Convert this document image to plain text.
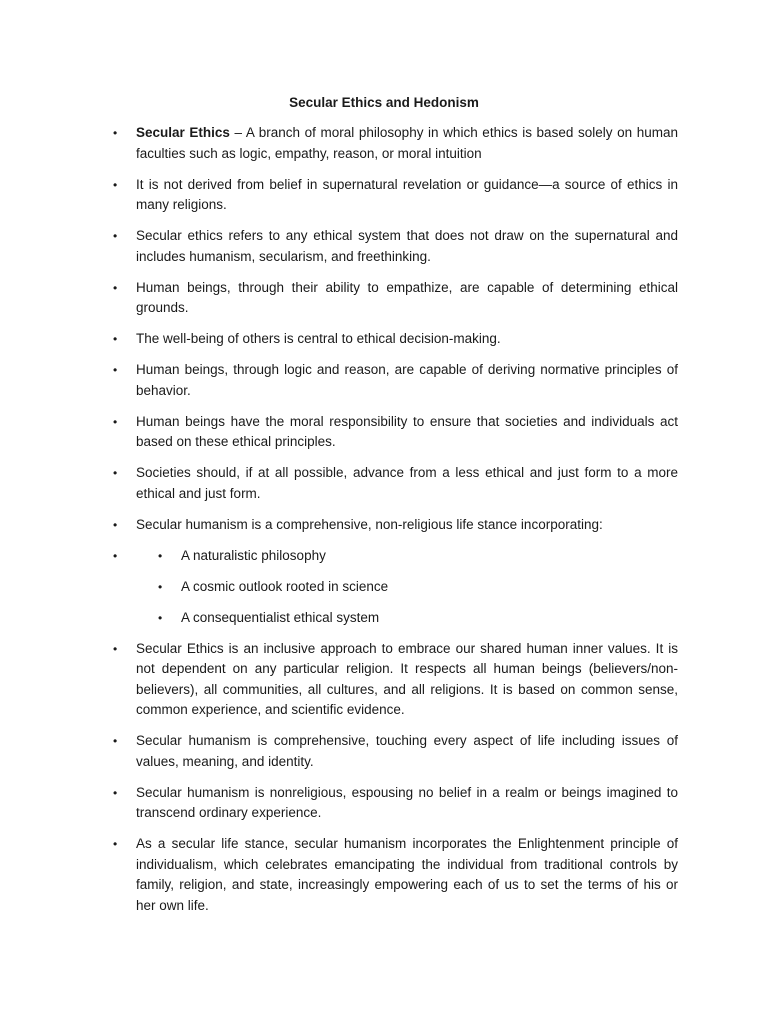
Secular Ethics and Hedonism
•	Secular Ethics – A branch of moral philosophy in which ethics is based solely on human faculties such as logic, empathy, reason, or moral intuition
•	It is not derived from belief in supernatural revelation or guidance—a source of ethics in many religions.
•	Secular ethics refers to any ethical system that does not draw on the supernatural and includes humanism, secularism, and freethinking.
•	Human beings, through their ability to empathize, are capable of determining ethical grounds.
•	The well-being of others is central to ethical decision-making.
•	Human beings, through logic and reason, are capable of deriving normative principles of behavior.
•	Human beings have the moral responsibility to ensure that societies and individuals act based on these ethical principles.
•	Societies should, if at all possible, advance from a less ethical and just form to a more ethical and just form.
•	Secular humanism is a comprehensive, non-religious life stance incorporating:
•	•	A naturalistic philosophy
•	A cosmic outlook rooted in science
•	A consequentialist ethical system
•	Secular Ethics is an inclusive approach to embrace our shared human inner values. It is not dependent on any particular religion. It respects all human beings (believers/non-believers), all communities, all cultures, and all religions. It is based on common sense, common experience, and scientific evidence.
•	Secular humanism is comprehensive, touching every aspect of life including issues of values, meaning, and identity.
•	Secular humanism is nonreligious, espousing no belief in a realm or beings imagined to transcend ordinary experience.
•	As a secular life stance, secular humanism incorporates the Enlightenment principle of individualism, which celebrates emancipating the individual from traditional controls by family, religion, and state, increasingly empowering each of us to set the terms of his or her own life.
